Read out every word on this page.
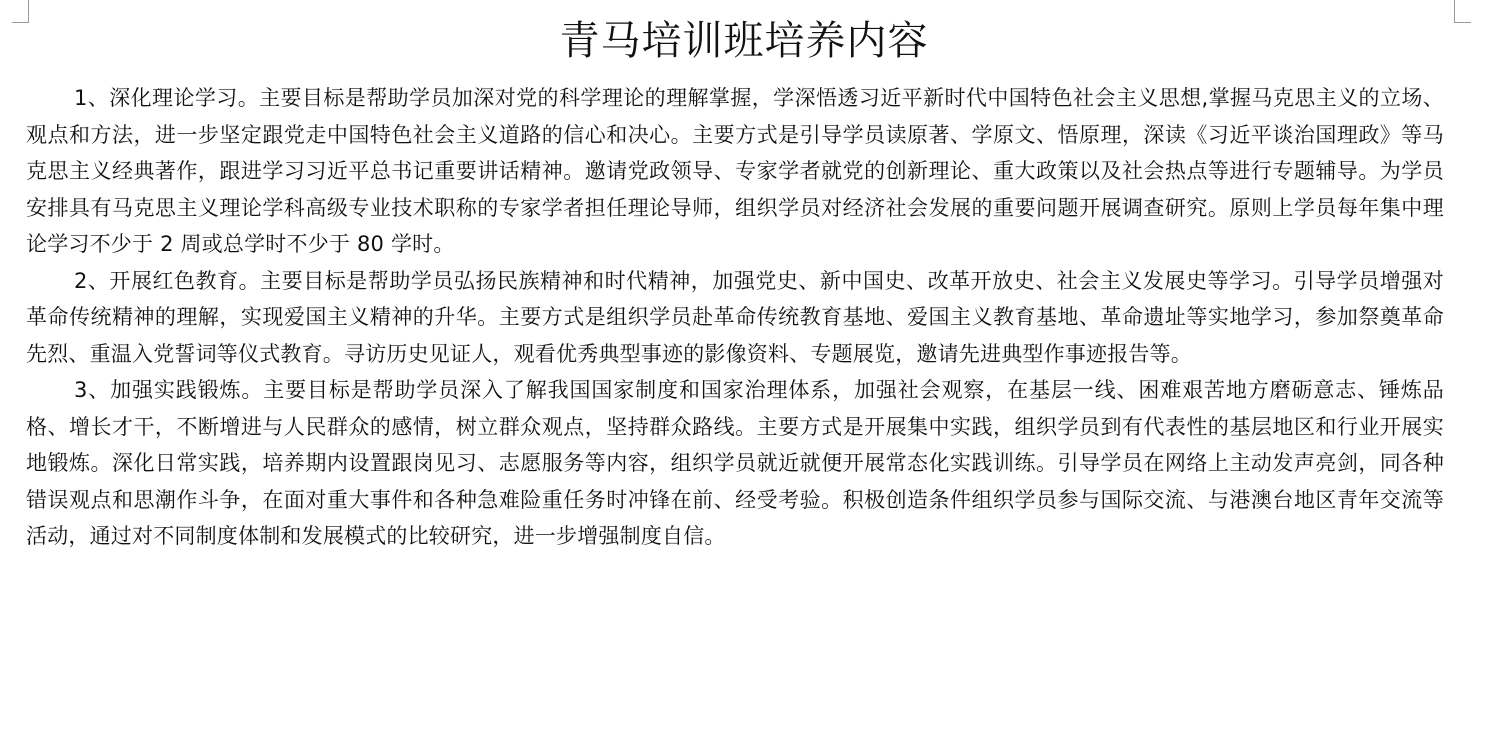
青马培训班培养内容

1、深化理论学习。主要目标是帮助学员加深对党的科学理论的理解掌握，学深悟透习近平新时代中国特色社会主义思想,掌握马克思主义的立场、观点和方法，进一步坚定跟党走中国特色社会主义道路的信心和决心。主要方式是引导学员读原著、学原文、悟原理，深读《习近平谈治国理政》等马克思主义经典著作，跟进学习习近平总书记重要讲话精神。邀请党政领导、专家学者就党的创新理论、重大政策以及社会热点等进行专题辅导。为学员安排具有马克思主义理论学科高级专业技术职称的专家学者担任理论导师，组织学员对经济社会发展的重要问题开展调查研究。原则上学员每年集中理论学习不少于 2 周或总学时不少于 80 学时。

2、开展红色教育。主要目标是帮助学员弘扬民族精神和时代精神，加强党史、新中国史、改革开放史、社会主义发展史等学习。引导学员增强对革命传统精神的理解，实现爱国主义精神的升华。主要方式是组织学员赴革命传统教育基地、爱国主义教育基地、革命遗址等实地学习，参加祭奠革命先烈、重温入党誓词等仪式教育。寻访历史见证人，观看优秀典型事迹的影像资料、专题展览，邀请先进典型作事迹报告等。

3、加强实践锻炼。主要目标是帮助学员深入了解我国国家制度和国家治理体系，加强社会观察，在基层一线、困难艰苦地方磨砺意志、锤炼品格、增长才干，不断增进与人民群众的感情，树立群众观点，坚持群众路线。主要方式是开展集中实践，组织学员到有代表性的基层地区和行业开展实地锻炼。深化日常实践，培养期内设置跟岗见习、志愿服务等内容，组织学员就近就便开展常态化实践训练。引导学员在网络上主动发声亮剑，同各种错误观点和思潮作斗争，在面对重大事件和各种急难险重任务时冲锋在前、经受考验。积极创造条件组织学员参与国际交流、与港澳台地区青年交流等活动，通过对不同制度体制和发展模式的比较研究，进一步增强制度自信。
